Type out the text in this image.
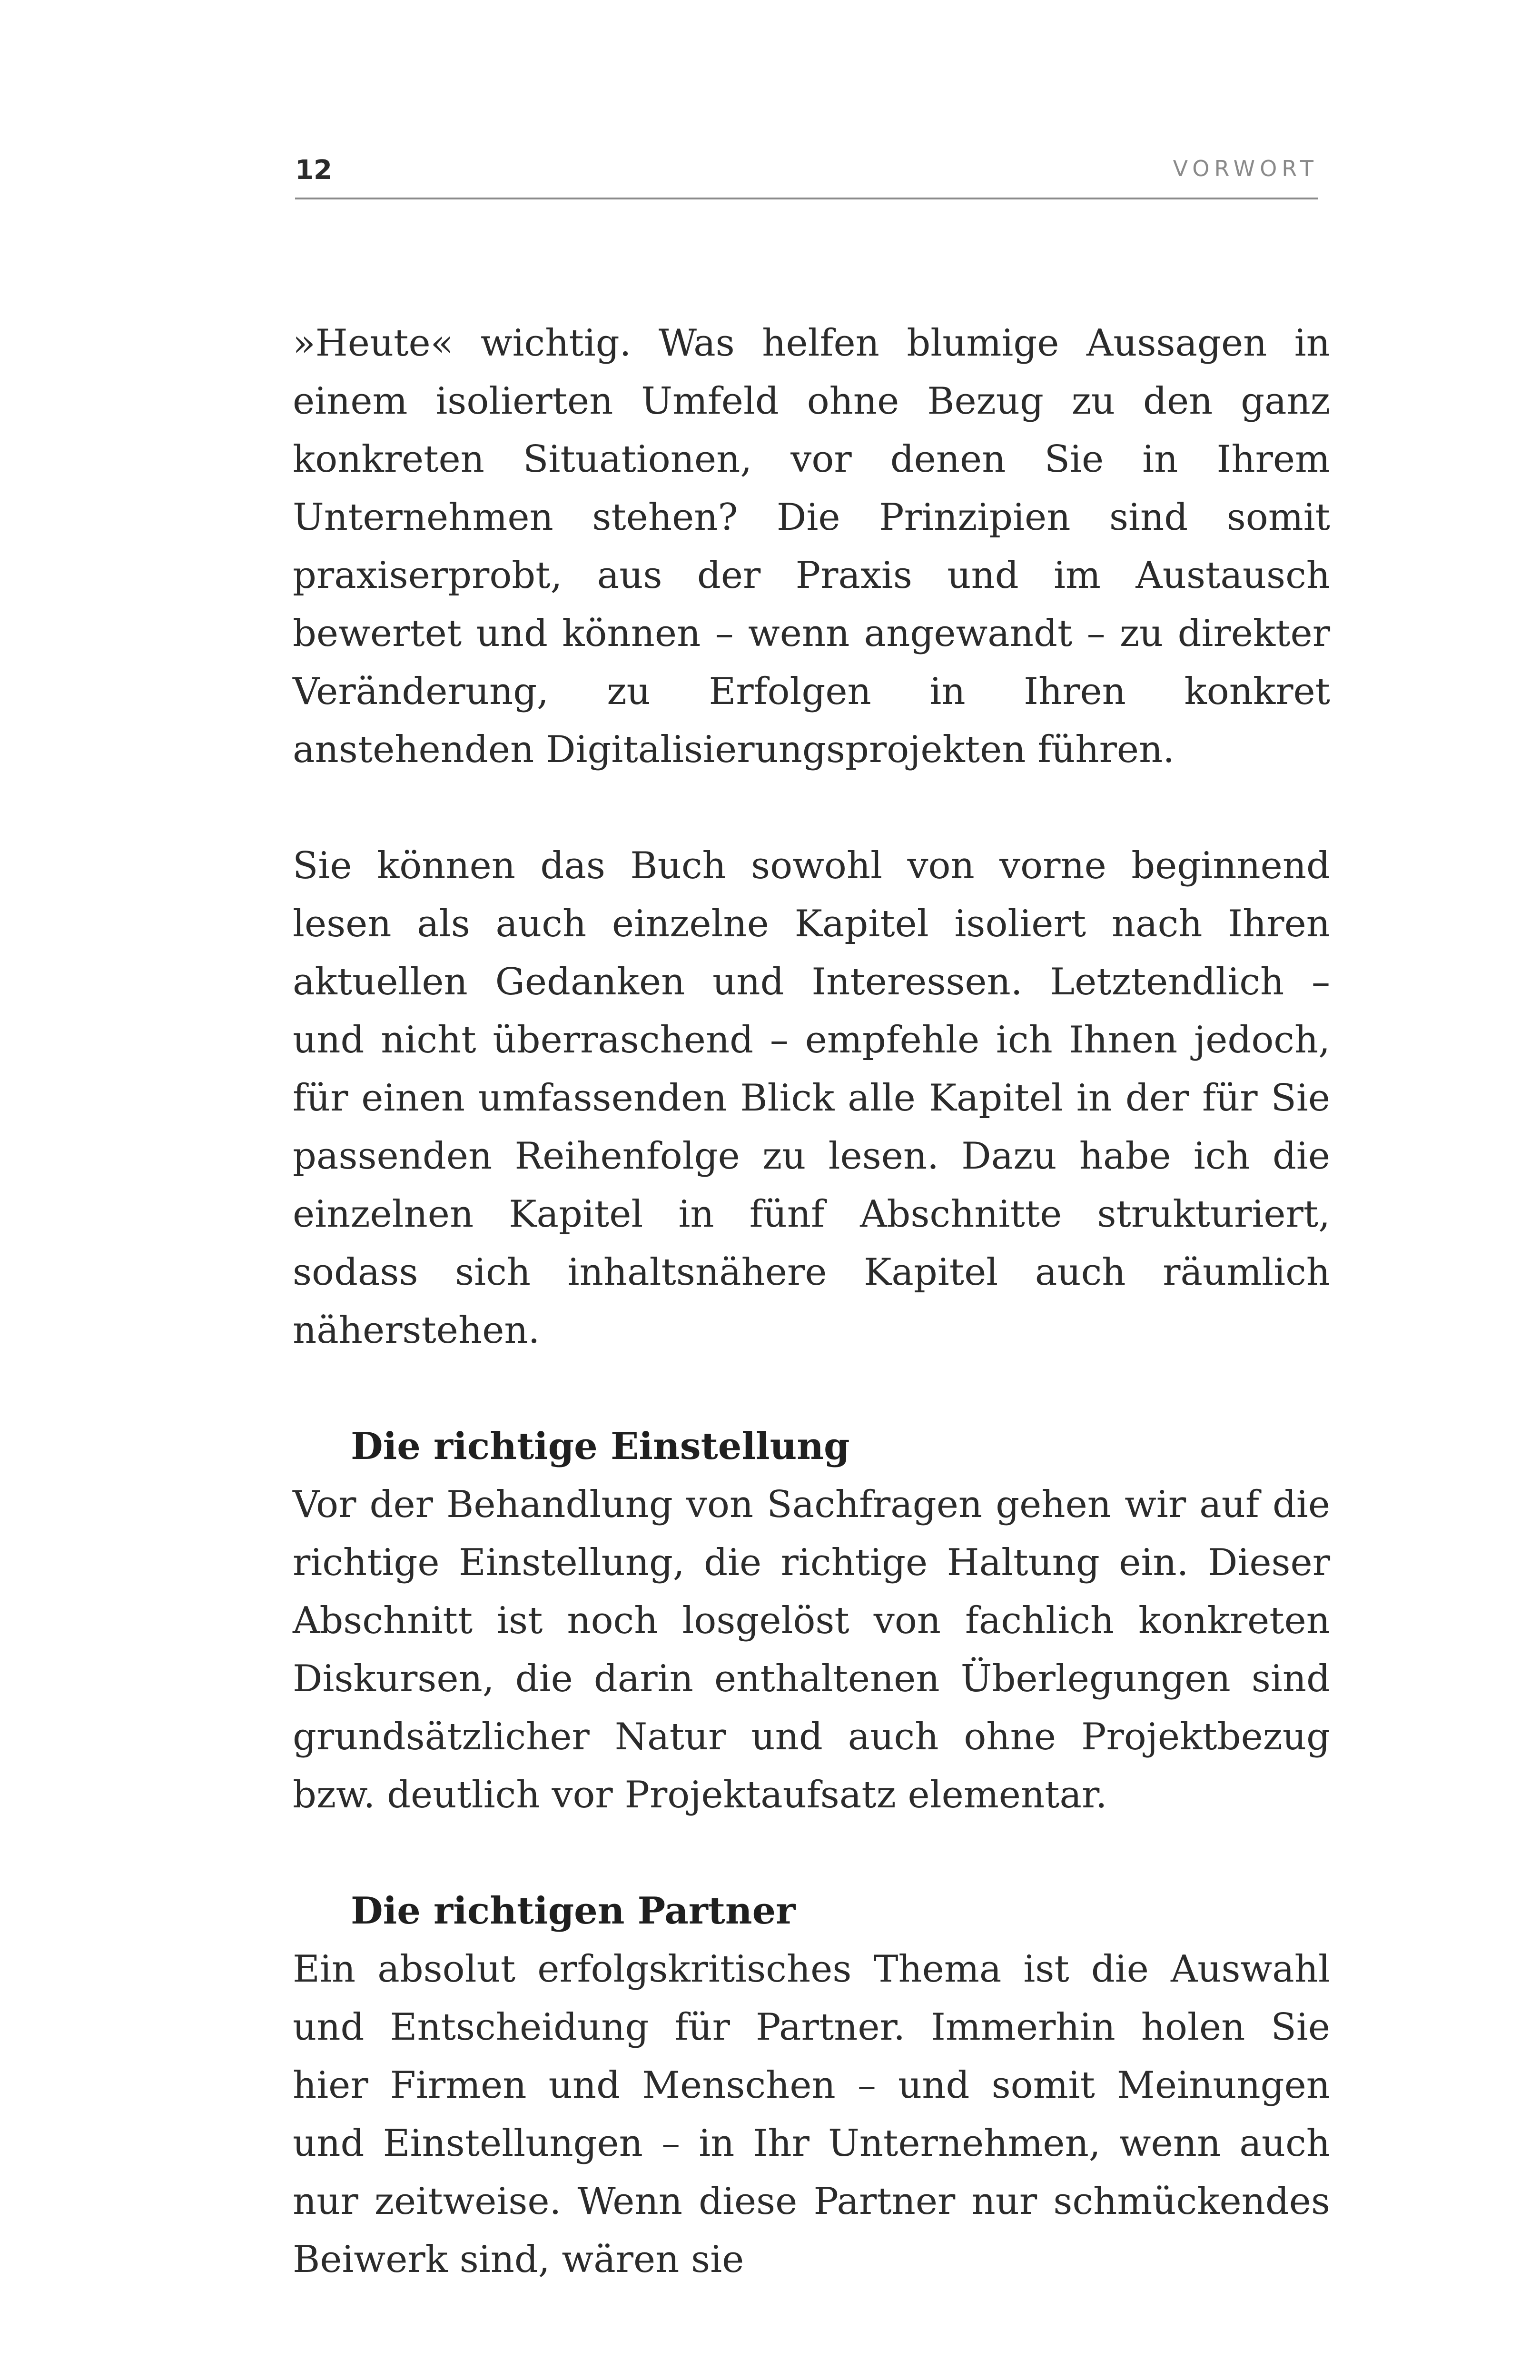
12	VORWORT

»Heute« wichtig. Was helfen blumige Aussagen in einem isolierten Umfeld ohne Bezug zu den ganz konkreten Situationen, vor denen Sie in Ihrem Unternehmen stehen? Die Prinzipien sind somit praxiserprobt, aus der Praxis und im Austausch bewertet und können – wenn angewandt – zu direkter Veränderung, zu Erfolgen in Ihren konkret anstehenden Digitalisierungsprojekten führen.

Sie können das Buch sowohl von vorne beginnend lesen als auch einzelne Kapitel isoliert nach Ihren aktuellen Gedanken und Interessen. Letztendlich – und nicht überraschend – empfehle ich Ihnen jedoch, für einen umfassenden Blick alle Kapitel in der für Sie passenden Reihenfolge zu lesen. Dazu habe ich die einzelnen Kapitel in fünf Abschnitte strukturiert, sodass sich inhaltsnähere Kapitel auch räumlich näherstehen.

Die richtige Einstellung

Vor der Behandlung von Sachfragen gehen wir auf die richtige Einstellung, die richtige Haltung ein. Dieser Abschnitt ist noch losgelöst von fachlich konkreten Diskursen, die darin enthaltenen Überlegungen sind grundsätzlicher Natur und auch ohne Projektbezug bzw. deutlich vor Projektaufsatz elementar.

Die richtigen Partner

Ein absolut erfolgskritisches Thema ist die Auswahl und Entscheidung für Partner. Immerhin holen Sie hier Firmen und Menschen – und somit Meinungen und Einstellungen – in Ihr Unternehmen, wenn auch nur zeitweise. Wenn diese Partner nur schmückendes Beiwerk sind, wären sie
